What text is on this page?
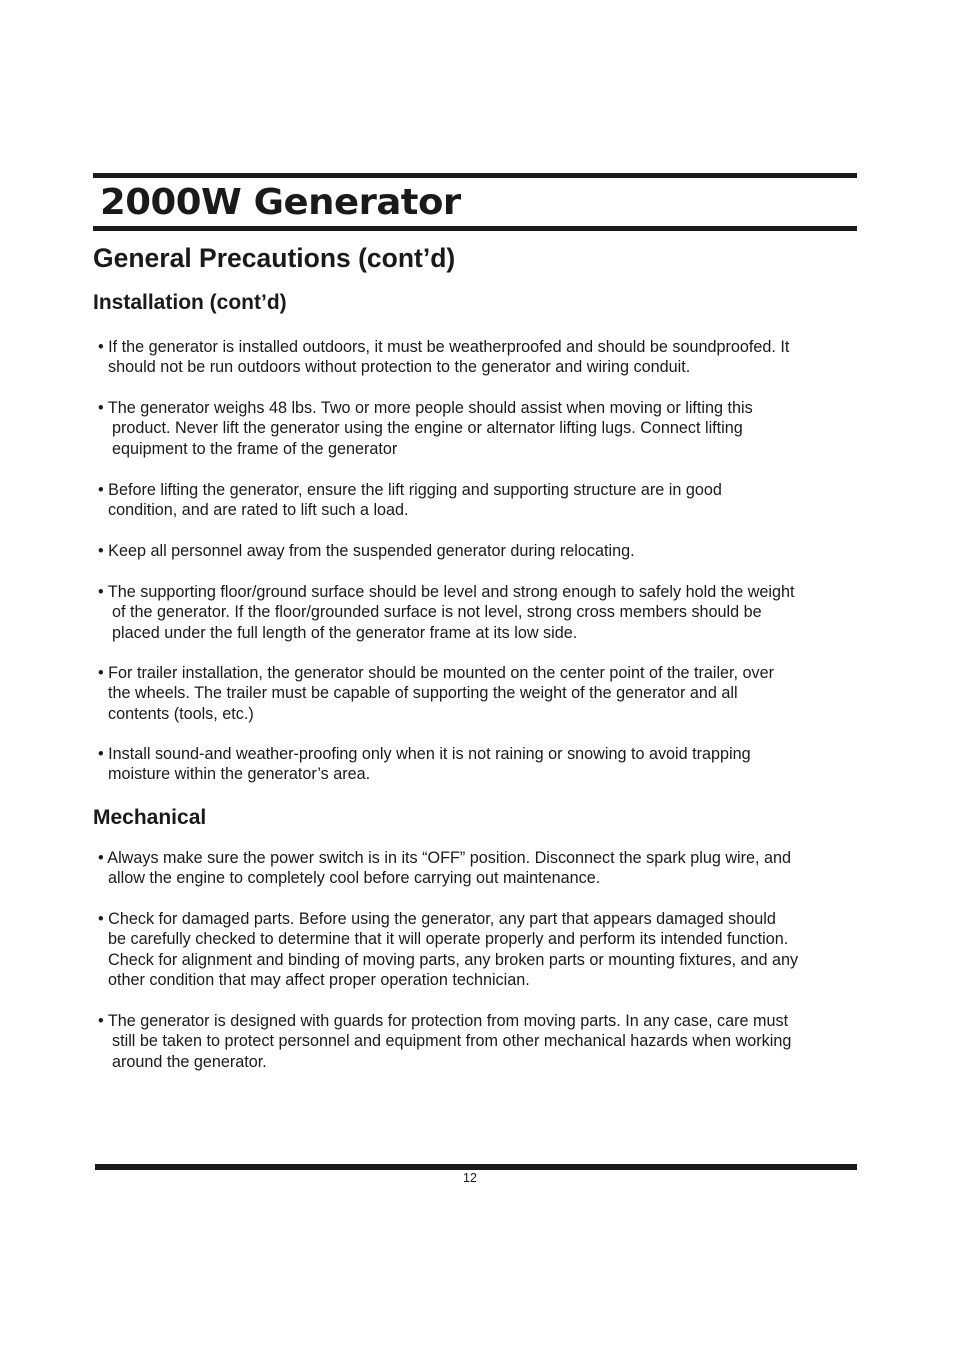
2000W Generator
General Precautions (cont’d)
Installation (cont’d)
• If the generator is installed outdoors, it must be weatherproofed and should be soundproofed. It
should not be run outdoors without protection to the generator and wiring conduit.
• The generator weighs 48 lbs. Two or more people should assist when moving or lifting this
product. Never lift the generator using the engine or alternator lifting lugs. Connect lifting
equipment to the frame of the generator
• Before lifting the generator, ensure the lift rigging and supporting structure are in good
condition, and are rated to lift such a load.
• Keep all personnel away from the suspended generator during relocating.
• The supporting floor/ground surface should be level and strong enough to safely hold the weight
of the generator. If the floor/grounded surface is not level, strong cross members should be
placed under the full length of the generator frame at its low side.
• For trailer installation, the generator should be mounted on the center point of the trailer, over
the wheels. The trailer must be capable of supporting the weight of the generator and all
contents (tools, etc.)
• Install sound-and weather-proofing only when it is not raining or snowing to avoid trapping
moisture within the generator’s area.
Mechanical
• Always make sure the power switch is in its “OFF” position. Disconnect the spark plug wire, and
allow the engine to completely cool before carrying out maintenance.
• Check for damaged parts. Before using the generator, any part that appears damaged should
be carefully checked to determine that it will operate properly and perform its intended function.
Check for alignment and binding of moving parts, any broken parts or mounting fixtures, and any
other condition that may affect proper operation technician.
• The generator is designed with guards for protection from moving parts. In any case, care must
still be taken to protect personnel and equipment from other mechanical hazards when working
around the generator.
12
